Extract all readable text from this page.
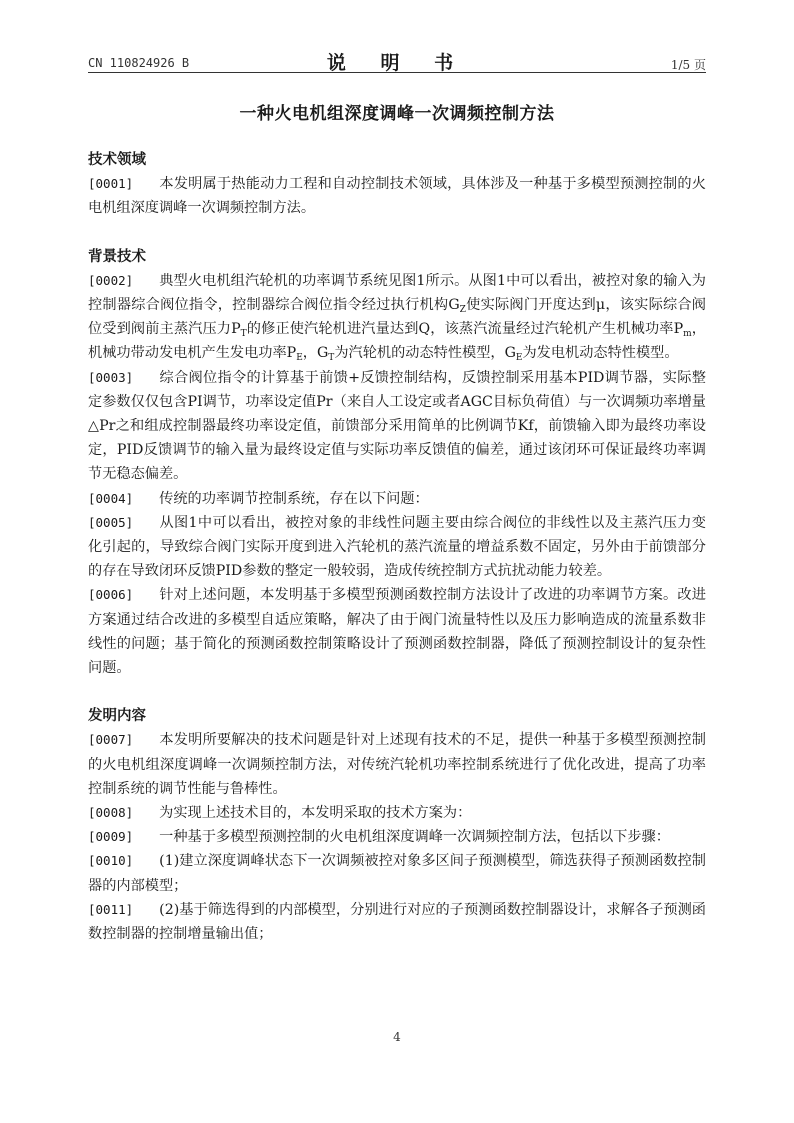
CN 110824926 B	说 明 书	1/5 页
一种火电机组深度调峰一次调频控制方法

技术领域

[0001] 本发明属于热能动力工程和自动控制技术领域，具体涉及一种基于多模型预测控制的火电机组深度调峰一次调频控制方法。

背景技术

[0002] 典型火电机组汽轮机的功率调节系统见图1所示。从图1中可以看出，被控对象的输入为控制器综合阀位指令，控制器综合阀位指令经过执行机构$G_Z$使实际阀门开度达到μ，该实际综合阀位受到阀前主蒸汽压力$P_T$的修正使汽轮机进汽量达到Q，该蒸汽流量经过汽轮机产生机械功率$P_m$，机械功带动发电机产生发电功率$P_E$，$G_T$为汽轮机的动态特性模型，$G_E$为发电机动态特性模型。

[0003] 综合阀位指令的计算基于前馈+反馈控制结构，反馈控制采用基本PID调节器，实际整定参数仅仅包含PI调节，功率设定值Pr（来自人工设定或者AGC目标负荷值）与一次调频功率增量△Pr之和组成控制器最终功率设定值，前馈部分采用简单的比例调节Kf，前馈输入即为最终功率设定，PID反馈调节的输入量为最终设定值与实际功率反馈值的偏差，通过该闭环可保证最终功率调节无稳态偏差。

[0004] 传统的功率调节控制系统，存在以下问题：

[0005] 从图1中可以看出，被控对象的非线性问题主要由综合阀位的非线性以及主蒸汽压力变化引起的，导致综合阀门实际开度到进入汽轮机的蒸汽流量的增益系数不固定，另外由于前馈部分的存在导致闭环反馈PID参数的整定一般较弱，造成传统控制方式抗扰动能力较差。

[0006] 针对上述问题，本发明基于多模型预测函数控制方法设计了改进的功率调节方案。改进方案通过结合改进的多模型自适应策略，解决了由于阀门流量特性以及压力影响造成的流量系数非线性的问题；基于简化的预测函数控制策略设计了预测函数控制器，降低了预测控制设计的复杂性问题。

发明内容

[0007] 本发明所要解决的技术问题是针对上述现有技术的不足，提供一种基于多模型预测控制的火电机组深度调峰一次调频控制方法，对传统汽轮机功率控制系统进行了优化改进，提高了功率控制系统的调节性能与鲁棒性。

[0008] 为实现上述技术目的，本发明采取的技术方案为：

[0009] 一种基于多模型预测控制的火电机组深度调峰一次调频控制方法，包括以下步骤：

[0010] (1)建立深度调峰状态下一次调频被控对象多区间子预测模型，筛选获得子预测函数控制器的内部模型；

[0011] (2)基于筛选得到的内部模型，分别进行对应的子预测函数控制器设计，求解各子预测函数控制器的控制增量输出值；

4
